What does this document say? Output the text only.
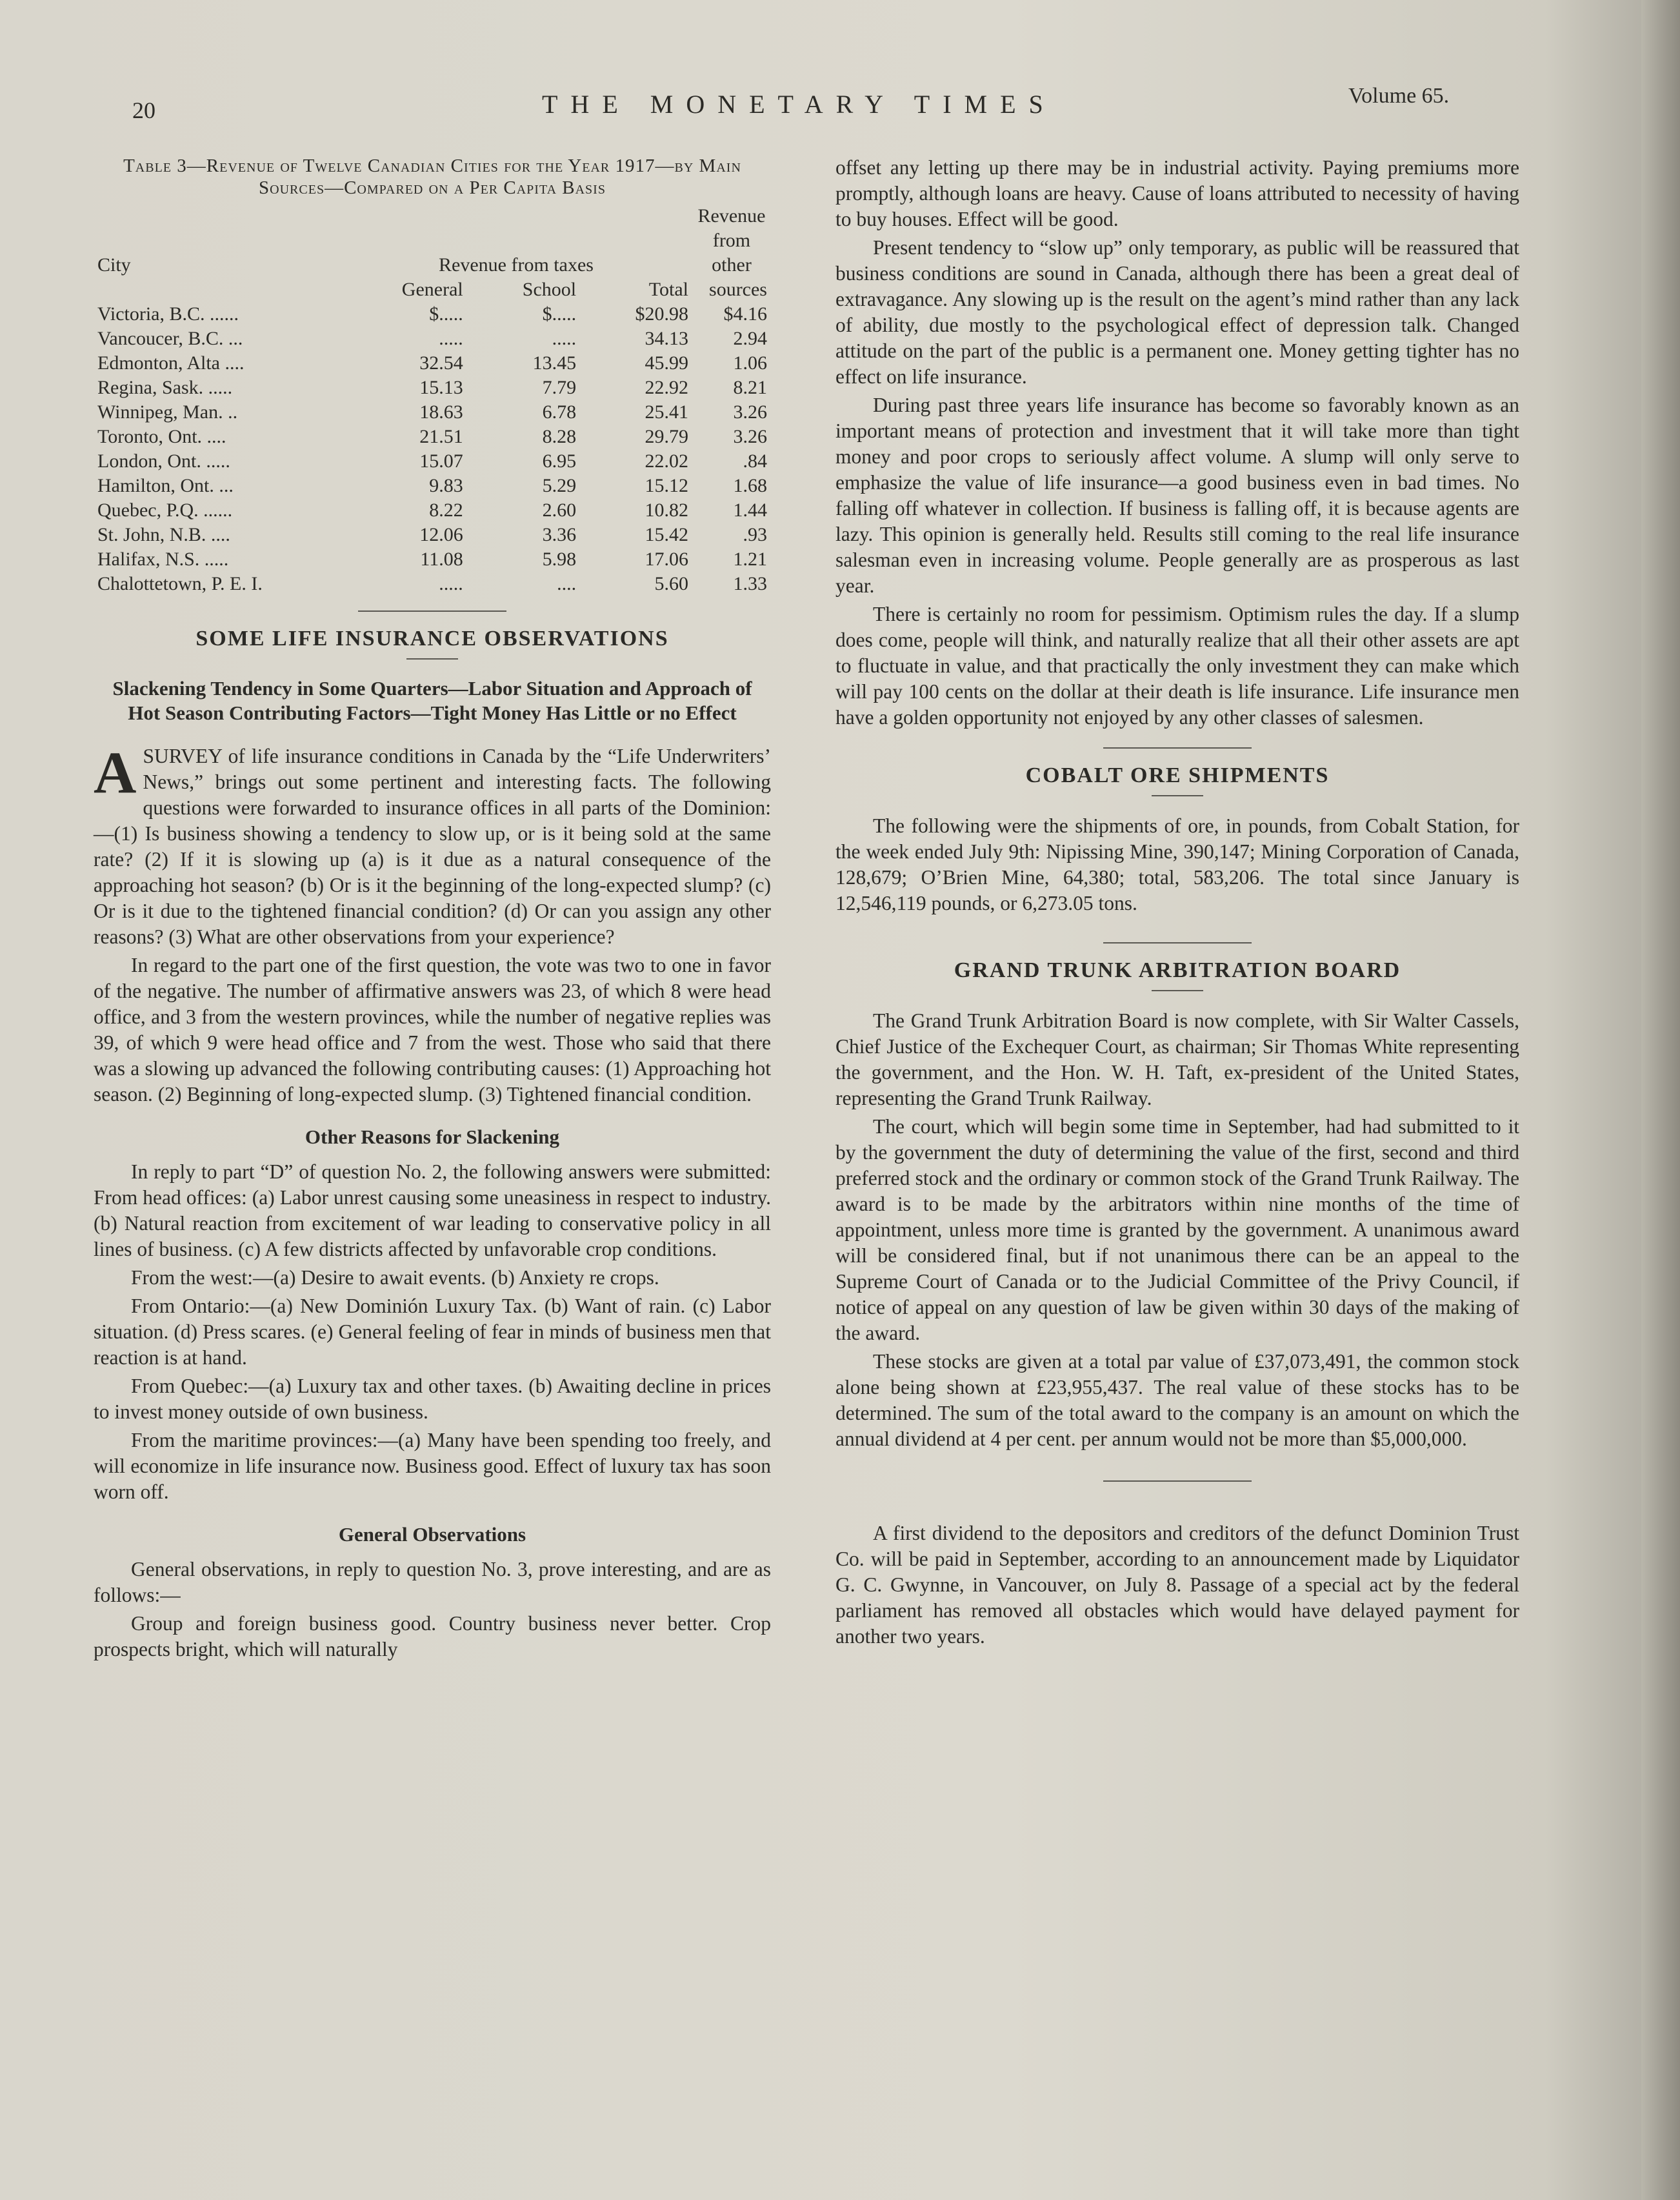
20	THE MONETARY TIMES	Volume 65.
Table 3—Revenue of Twelve Canadian Cities for the Year 1917—by Main Sources—Compared on a Per Capita Basis
City	Revenue from taxes			Revenue from other

	General	School	Total	sources
Victoria, B.C. ......	$.....	$.....	$20.98	$4.16
Vancoucer, B.C. ...	.....	.....	34.13	2.94
Edmonton, Alta ....	32.54	13.45	45.99	1.06
Regina, Sask. .....	15.13	7.79	22.92	8.21
Winnipeg, Man. ..	18.63	6.78	25.41	3.26
Toronto, Ont. ....	21.51	8.28	29.79	3.26
London, Ont. .....	15.07	6.95	22.02	.84
Hamilton, Ont. ...	9.83	5.29	15.12	1.68
Quebec, P.Q. ......	8.22	2.60	10.82	1.44
St. John, N.B. ....	12.06	3.36	15.42	.93
Halifax, N.S. .....	11.08	5.98	17.06	1.21
Chalottetown, P. E. I.	.....	....	5.60	1.33
SOME LIFE INSURANCE OBSERVATIONS
Slackening Tendency in Some Quarters—Labor Situation and Approach of Hot Season Contributing Factors—Tight Money Has Little or no Effect

ASURVEY of life insurance conditions in Canada by the “Life Underwriters’ News,” brings out some pertinent and interesting facts. The following questions were forwarded to insurance offices in all parts of the Dominion:—(1) Is business showing a tendency to slow up, or is it being sold at the same rate? (2) If it is slowing up (a) is it due as a natural consequence of the approaching hot season? (b) Or is it the beginning of the long-expected slump? (c) Or is it due to the tightened financial condition? (d) Or can you assign any other reasons? (3) What are other observations from your experience?

In regard to the part one of the first question, the vote was two to one in favor of the negative. The number of affirmative answers was 23, of which 8 were head office, and 3 from the western provinces, while the number of negative replies was 39, of which 9 were head office and 7 from the west. Those who said that there was a slowing up advanced the following contributing causes: (1) Approaching hot season. (2) Beginning of long-expected slump. (3) Tightened financial condition.

Other Reasons for Slackening

In reply to part “D” of question No. 2, the following answers were submitted: From head offices: (a) Labor unrest causing some uneasiness in respect to industry. (b) Natural reaction from excitement of war leading to conservative policy in all lines of business. (c) A few districts affected by unfavorable crop conditions.

From the west:—(a) Desire to await events. (b) Anxiety re crops.

From Ontario:—(a) New Dominión Luxury Tax. (b) Want of rain. (c) Labor situation. (d) Press scares. (e) General feeling of fear in minds of business men that reaction is at hand.

From Quebec:—(a) Luxury tax and other taxes. (b) Awaiting decline in prices to invest money outside of own business.

From the maritime provinces:—(a) Many have been spending too freely, and will economize in life insurance now. Business good. Effect of luxury tax has soon worn off.

General Observations

General observations, in reply to question No. 3, prove interesting, and are as follows:—

Group and foreign business good. Country business never better. Crop prospects bright, which will naturally

offset any letting up there may be in industrial activity. Paying premiums more promptly, although loans are heavy. Cause of loans attributed to necessity of having to buy houses. Effect will be good.

Present tendency to “slow up” only temporary, as public will be reassured that business conditions are sound in Canada, although there has been a great deal of extravagance. Any slowing up is the result on the agent’s mind rather than any lack of ability, due mostly to the psychological effect of depression talk. Changed attitude on the part of the public is a permanent one. Money getting tighter has no effect on life insurance.

During past three years life insurance has become so favorably known as an important means of protection and investment that it will take more than tight money and poor crops to seriously affect volume. A slump will only serve to emphasize the value of life insurance—a good business even in bad times. No falling off whatever in collection. If business is falling off, it is because agents are lazy. This opinion is generally held. Results still coming to the real life insurance salesman even in increasing volume. People generally are as prosperous as last year.

There is certainly no room for pessimism. Optimism rules the day. If a slump does come, people will think, and naturally realize that all their other assets are apt to fluctuate in value, and that practically the only investment they can make which will pay 100 cents on the dollar at their death is life insurance. Life insurance men have a golden opportunity not enjoyed by any other classes of salesmen.

COBALT ORE SHIPMENTS

The following were the shipments of ore, in pounds, from Cobalt Station, for the week ended July 9th: Nipissing Mine, 390,147; Mining Corporation of Canada, 128,679; O’Brien Mine, 64,380; total, 583,206. The total since January is 12,546,119 pounds, or 6,273.05 tons.

GRAND TRUNK ARBITRATION BOARD

The Grand Trunk Arbitration Board is now complete, with Sir Walter Cassels, Chief Justice of the Exchequer Court, as chairman; Sir Thomas White representing the government, and the Hon. W. H. Taft, ex-president of the United States, representing the Grand Trunk Railway.

The court, which will begin some time in September, had had submitted to it by the government the duty of determining the value of the first, second and third preferred stock and the ordinary or common stock of the Grand Trunk Railway. The award is to be made by the arbitrators within nine months of the time of appointment, unless more time is granted by the government. A unanimous award will be considered final, but if not unanimous there can be an appeal to the Supreme Court of Canada or to the Judicial Committee of the Privy Council, if notice of appeal on any question of law be given within 30 days of the making of the award.

These stocks are given at a total par value of £37,073,491, the common stock alone being shown at £23,955,437. The real value of these stocks has to be determined. The sum of the total award to the company is an amount on which the annual dividend at 4 per cent. per annum would not be more than $5,000,000.

A first dividend to the depositors and creditors of the defunct Dominion Trust Co. will be paid in September, according to an announcement made by Liquidator G. C. Gwynne, in Vancouver, on July 8. Passage of a special act by the federal parliament has removed all obstacles which would have delayed payment for another two years.
